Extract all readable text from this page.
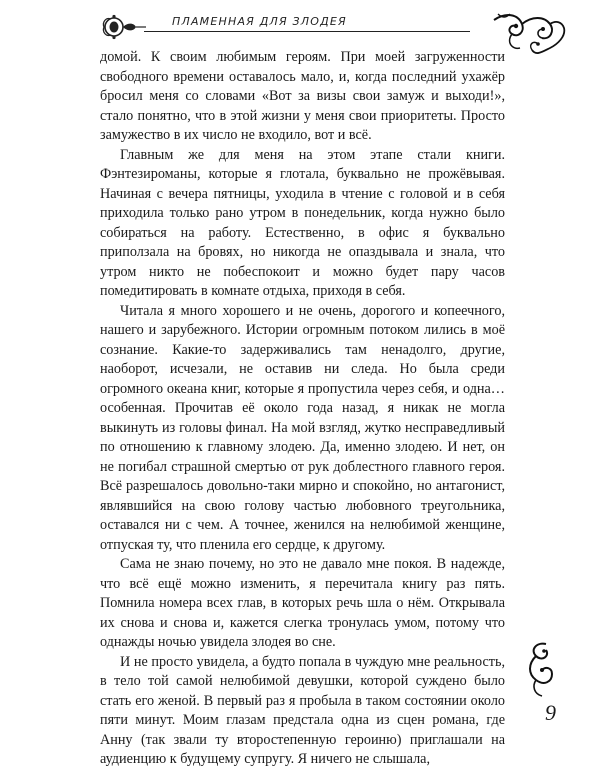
ПЛАМЕННАЯ ДЛЯ ЗЛОДЕЯ

домой. К своим любимым героям. При моей загруженности свободного времени оставалось мало, и, когда последний ухажёр бросил меня со словами «Вот за визы свои замуж и выходи!», стало понятно, что в этой жизни у меня свои приоритеты. Просто замужество в их число не входило, вот и всё.

Главным же для меня на этом этапе стали книги. Фэнтезироманы, которые я глотала, буквально не прожёвывая. Начиная с вечера пятницы, уходила в чтение с головой и в себя приходила только рано утром в понедельник, когда нужно было собираться на работу. Естественно, в офис я буквально приползала на бровях, но никогда не опаздывала и знала, что утром никто не побеспокоит и можно будет пару часов помедитировать в комнате отдыха, приходя в себя.

Читала я много хорошего и не очень, дорогого и копеечного, нашего и зарубежного. Истории огромным потоком лились в моё сознание. Какие-то задерживались там ненадолго, другие, наоборот, исчезали, не оставив ни следа. Но была среди огромного океана книг, которые я пропустила через себя, и одна… особенная. Прочитав её около года назад, я никак не могла выкинуть из головы финал. На мой взгляд, жутко несправедливый по отношению к главному злодею. Да, именно злодею. И нет, он не погибал страшной смертью от рук доблестного главного героя. Всё разрешалось довольно-таки мирно и спокойно, но антагонист, являвшийся на свою голову частью любовного треугольника, оставался ни с чем. А точнее, женился на нелюбимой женщине, отпуская ту, что пленила его сердце, к другому.

Сама не знаю почему, но это не давало мне покоя. В надежде, что всё ещё можно изменить, я перечитала книгу раз пять. Помнила номера всех глав, в которых речь шла о нём. Открывала их снова и снова и, кажется слегка тронулась умом, потому что однажды ночью увидела злодея во сне.

И не просто увидела, а будто попала в чуждую мне реальность, в тело той самой нелюбимой девушки, которой суждено было стать его женой. В первый раз я пробыла в таком состоянии около пяти минут. Моим глазам предстала одна из сцен романа, где Анну (так звали ту второстепенную героиню) приглашали на аудиенцию к будущему супругу. Я ничего не слышала,

9
